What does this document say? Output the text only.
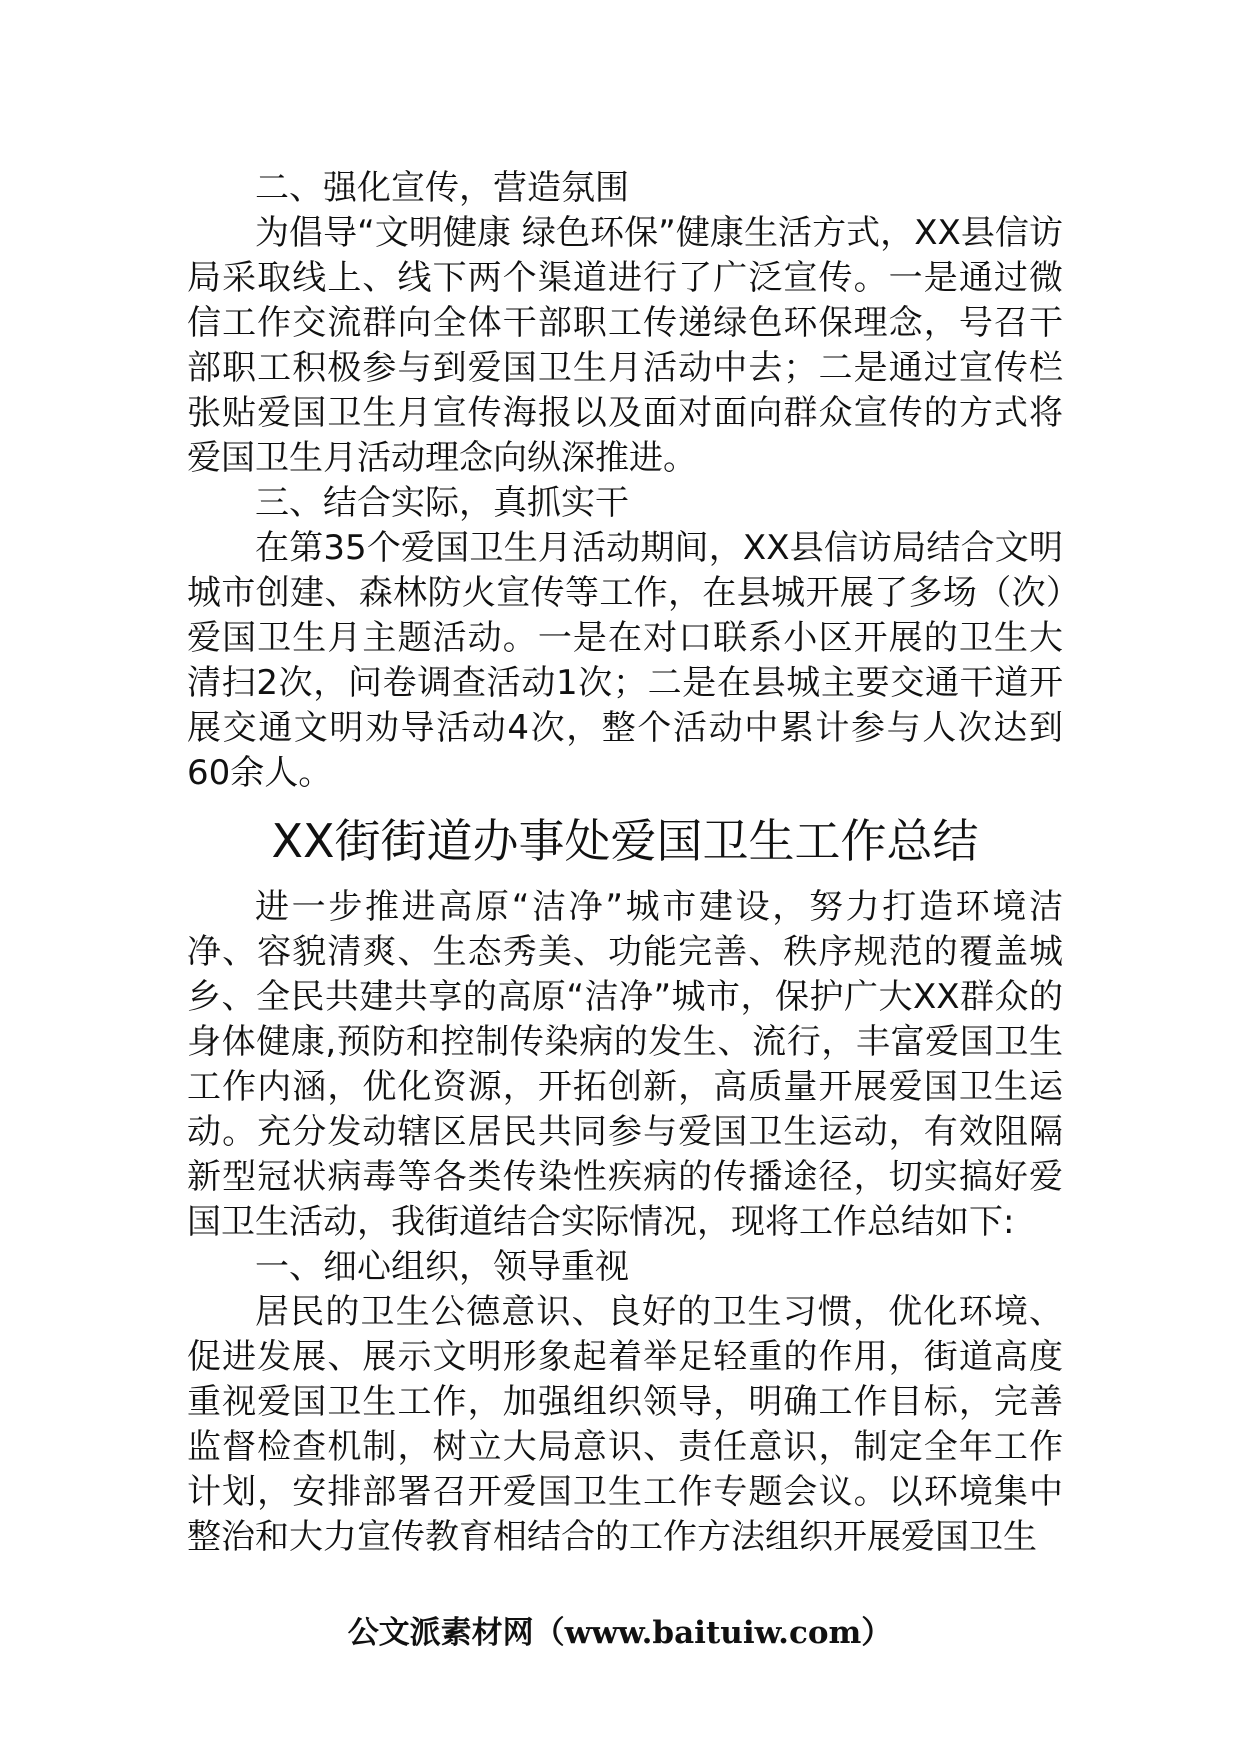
二、强化宣传，营造氛围

为倡导“文明健康 绿色环保”健康生活方式，XX县信访局采取线上、线下两个渠道进行了广泛宣传。一是通过微信工作交流群向全体干部职工传递绿色环保理念，号召干部职工积极参与到爱国卫生月活动中去；二是通过宣传栏张贴爱国卫生月宣传海报以及面对面向群众宣传的方式将爱国卫生月活动理念向纵深推进。

三、结合实际，真抓实干

在第35个爱国卫生月活动期间，XX县信访局结合文明城市创建、森林防火宣传等工作，在县城开展了多场（次）爱国卫生月主题活动。一是在对口联系小区开展的卫生大清扫2次，问卷调查活动1次；二是在县城主要交通干道开展交通文明劝导活动4次，整个活动中累计参与人次达到60余人。

XX街街道办事处爱国卫生工作总结

进一步推进高原“洁净”城市建设，努力打造环境洁净、容貌清爽、生态秀美、功能完善、秩序规范的覆盖城乡、全民共建共享的高原“洁净”城市，保护广大XX群众的身体健康,预防和控制传染病的发生、流行，丰富爱国卫生工作内涵，优化资源，开拓创新，高质量开展爱国卫生运动。充分发动辖区居民共同参与爱国卫生运动，有效阻隔新型冠状病毒等各类传染性疾病的传播途径，切实搞好爱国卫生活动，我街道结合实际情况，现将工作总结如下:

一、细心组织，领导重视

居民的卫生公德意识、良好的卫生习惯，优化环境、促进发展、展示文明形象起着举足轻重的作用，街道高度重视爱国卫生工作，加强组织领导，明确工作目标，完善监督检查机制，树立大局意识、责任意识，制定全年工作计划，安排部署召开爱国卫生工作专题会议。以环境集中整治和大力宣传教育相结合的工作方法组织开展爱国卫生

公文派素材网（www.baituiw.com）
